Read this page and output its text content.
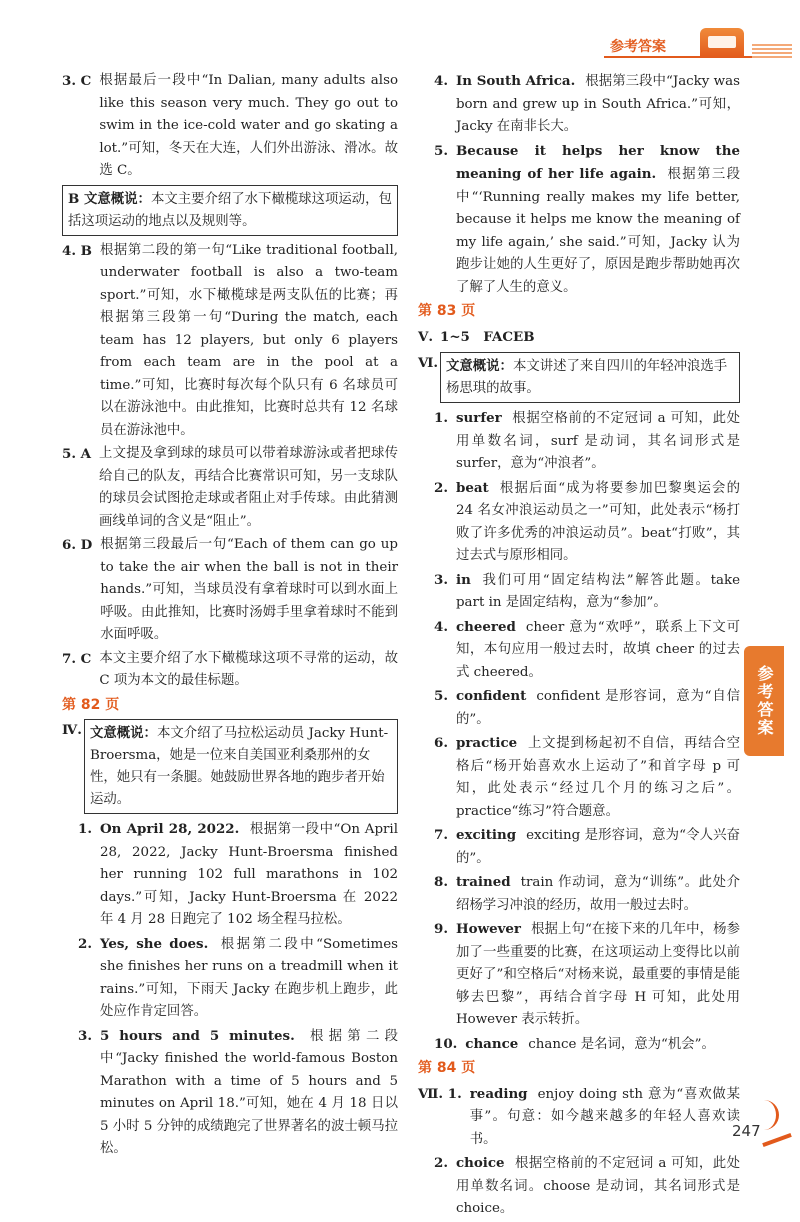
参考答案
3. C 根据最后一段中“In Dalian, many adults also like this season very much. They go out to swim in the ice-cold water and go skating a lot.”可知，冬天在大连，人们外出游泳、滑冰。故选 C。
B 文意概说：本文主要介绍了水下橄榄球这项运动，包括这项运动的地点以及规则等。
4. B 根据第二段的第一句“Like traditional football, underwater football is also a two-team sport.”可知，水下橄榄球是两支队伍的比赛；再根据第三段第一句“During the match, each team has 12 players, but only 6 players from each team are in the pool at a time.”可知，比赛时每次每个队只有 6 名球员可以在游泳池中。由此推知，比赛时总共有 12 名球员在游泳池中。
5. A 上文提及拿到球的球员可以带着球游泳或者把球传给自己的队友，再结合比赛常识可知，另一支球队的球员会试图抢走球或者阻止对手传球。由此猜测画线单词的含义是“阻止”。
6. D 根据第三段最后一句“Each of them can go up to take the air when the ball is not in their hands.”可知，当球员没有拿着球时可以到水面上呼吸。由此推知，比赛时汤姆手里拿着球时不能到水面呼吸。
7. C 本文主要介绍了水下橄榄球这项不寻常的运动，故 C 项为本文的最佳标题。
第 82 页
Ⅳ. 文意概说：本文介绍了马拉松运动员 Jacky Hunt-Broersma，她是一位来自美国亚利桑那州的女性，她只有一条腿。她鼓励世界各地的跑步者开始运动。
1. On April 28, 2022. 根据第一段中“On April 28, 2022, Jacky Hunt-Broersma finished her running 102 full marathons in 102 days.”可知，Jacky Hunt-Broersma 在 2022 年 4 月 28 日跑完了 102 场全程马拉松。
2. Yes, she does. 根据第二段中“Sometimes she finishes her runs on a treadmill when it rains.”可知，下雨天 Jacky 在跑步机上跑步，此处应作肯定回答。
3. 5 hours and 5 minutes. 根据第二段中“Jacky finished the world-famous Boston Marathon with a time of 5 hours and 5 minutes on April 18.”可知，她在 4 月 18 日以 5 小时 5 分钟的成绩跑完了世界著名的波士顿马拉松。
4. In South Africa. 根据第三段中“Jacky was born and grew up in South Africa.”可知，Jacky 在南非长大。
5. Because it helps her know the meaning of her life again. 根据第三段中“‘Running really makes my life better, because it helps me know the meaning of my life again,’ she said.”可知，Jacky 认为跑步让她的人生更好了，原因是跑步帮助她再次了解了人生的意义。
第 83 页
Ⅴ. 1~5　FACEB
Ⅵ. 文意概说：本文讲述了来自四川的年轻冲浪选手杨思琪的故事。
1. surfer 根据空格前的不定冠词 a 可知，此处用单数名词，surf 是动词，其名词形式是 surfer，意为“冲浪者”。
2. beat 根据后面“成为将要参加巴黎奥运会的 24 名女冲浪运动员之一”可知，此处表示“杨打败了许多优秀的冲浪运动员”。beat“打败”，其过去式与原形相同。
3. in 我们可用“固定结构法”解答此题。take part in 是固定结构，意为“参加”。
4. cheered cheer 意为“欢呼”，联系上下文可知，本句应用一般过去时，故填 cheer 的过去式 cheered。
5. confident confident 是形容词，意为“自信的”。
6. practice 上文提到杨起初不自信，再结合空格后“杨开始喜欢水上运动了”和首字母 p 可知，此处表示“经过几个月的练习之后”。practice“练习”符合题意。
7. exciting exciting 是形容词，意为“令人兴奋的”。
8. trained train 作动词，意为“训练”。此处介绍杨学习冲浪的经历，故用一般过去时。
9. However 根据上句“在接下来的几年中，杨参加了一些重要的比赛，在这项运动上变得比以前更好了”和空格后“对杨来说，最重要的事情是能够去巴黎”，再结合首字母 H 可知，此处用 However 表示转折。
10. chance chance 是名词，意为“机会”。
第 84 页
Ⅶ. 1. reading enjoy doing sth 意为“喜欢做某事”。句意：如今越来越多的年轻人喜欢读书。
2. choice 根据空格前的不定冠词 a 可知，此处用单数名词。choose 是动词，其名词形式是 choice。
参考答案
247
